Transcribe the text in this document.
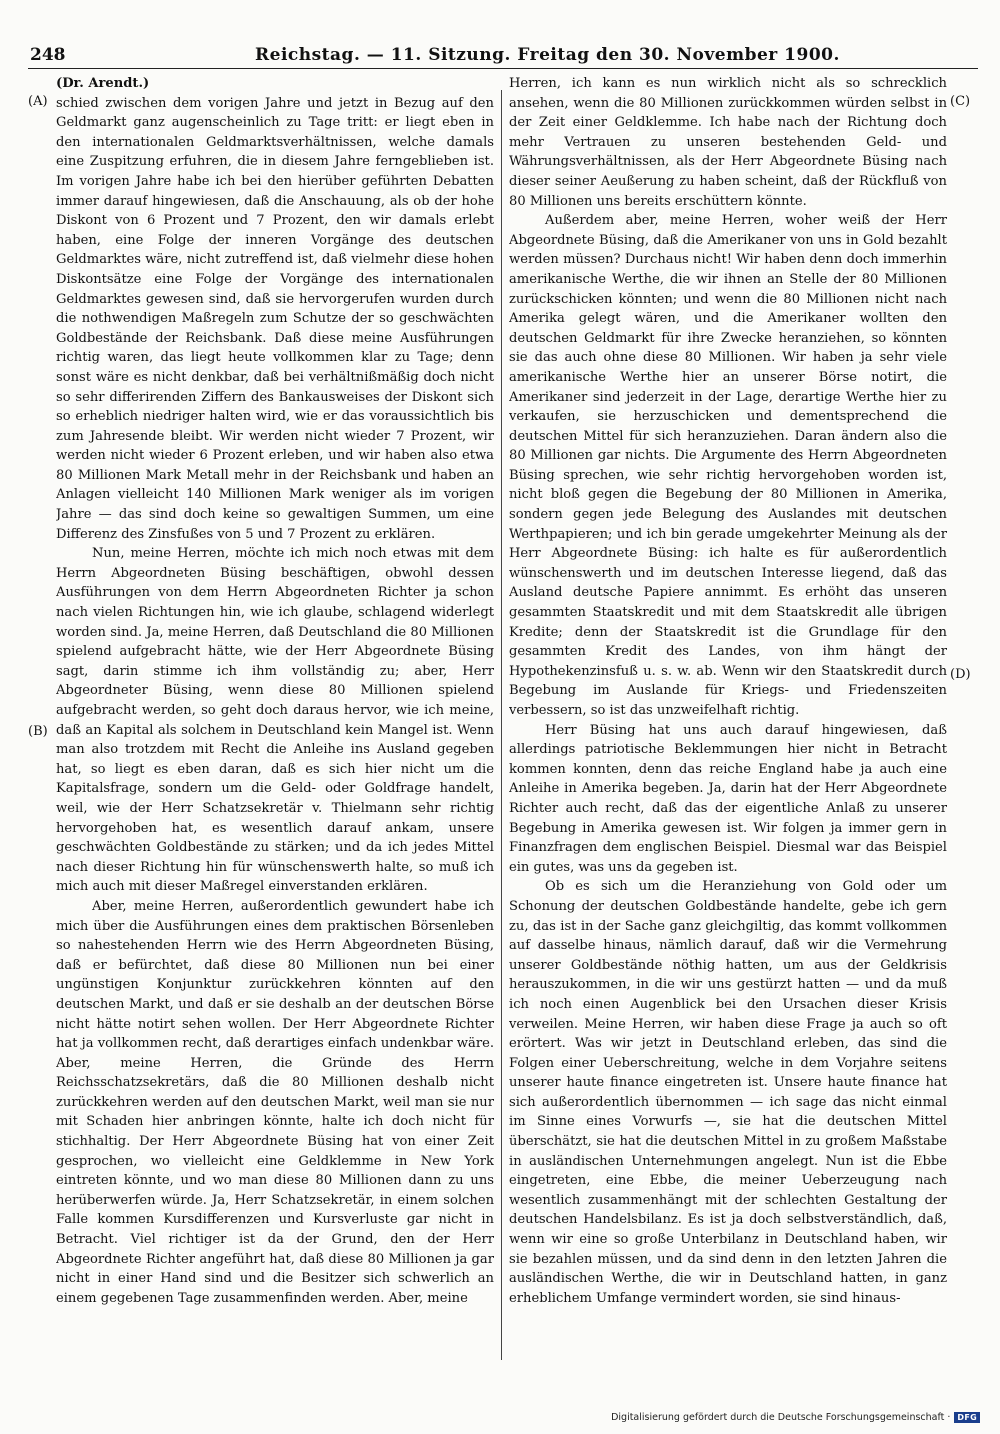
248	Reichstag. — 11. Sitzung. Freitag den 30. November 1900.
(A)
(B)
(C)
(D)

(Dr. Arendt.)

schied zwischen dem vorigen Jahre und jetzt in Bezug auf den Geldmarkt ganz augenscheinlich zu Tage tritt: er liegt eben in den internationalen Geldmarktsverhältnissen, welche damals eine Zuspitzung erfuhren, die in diesem Jahre ferngeblieben ist. Im vorigen Jahre habe ich bei den hierüber geführten Debatten immer darauf hingewiesen, daß die Anschauung, als ob der hohe Diskont von 6 Prozent und 7 Prozent, den wir damals erlebt haben, eine Folge der inneren Vorgänge des deutschen Geldmarktes wäre, nicht zutreffend ist, daß vielmehr diese hohen Diskontsätze eine Folge der Vorgänge des internationalen Geldmarktes gewesen sind, daß sie hervorgerufen wurden durch die nothwendigen Maßregeln zum Schutze der so geschwächten Goldbestände der Reichsbank. Daß diese meine Ausführungen richtig waren, das liegt heute vollkommen klar zu Tage; denn sonst wäre es nicht denkbar, daß bei verhältnißmäßig doch nicht so sehr differirenden Ziffern des Bankausweises der Diskont sich so erheblich niedriger halten wird, wie er das voraussichtlich bis zum Jahresende bleibt. Wir werden nicht wieder 7 Prozent, wir werden nicht wieder 6 Prozent erleben, und wir haben also etwa 80 Millionen Mark Metall mehr in der Reichsbank und haben an Anlagen vielleicht 140 Millionen Mark weniger als im vorigen Jahre — das sind doch keine so gewaltigen Summen, um eine Differenz des Zinsfußes von 5 und 7 Prozent zu erklären.

Nun, meine Herren, möchte ich mich noch etwas mit dem Herrn Abgeordneten Büsing beschäftigen, obwohl dessen Ausführungen von dem Herrn Abgeordneten Richter ja schon nach vielen Richtungen hin, wie ich glaube, schlagend widerlegt worden sind. Ja, meine Herren, daß Deutschland die 80 Millionen spielend aufgebracht hätte, wie der Herr Abgeordnete Büsing sagt, darin stimme ich ihm vollständig zu; aber, Herr Abgeordneter Büsing, wenn diese 80 Millionen spielend aufgebracht werden, so geht doch daraus hervor, wie ich meine, daß an Kapital als solchem in Deutschland kein Mangel ist. Wenn man also trotzdem mit Recht die Anleihe ins Ausland gegeben hat, so liegt es eben daran, daß es sich hier nicht um die Kapitalsfrage, sondern um die Geld- oder Goldfrage handelt, weil, wie der Herr Schatzsekretär v. Thielmann sehr richtig hervorgehoben hat, es wesentlich darauf ankam, unsere geschwächten Goldbestände zu stärken; und da ich jedes Mittel nach dieser Richtung hin für wünschenswerth halte, so muß ich mich auch mit dieser Maßregel einverstanden erklären.

Aber, meine Herren, außerordentlich gewundert habe ich mich über die Ausführungen eines dem praktischen Börsenleben so nahestehenden Herrn wie des Herrn Abgeordneten Büsing, daß er befürchtet, daß diese 80 Millionen nun bei einer ungünstigen Konjunktur zurückkehren könnten auf den deutschen Markt, und daß er sie deshalb an der deutschen Börse nicht hätte notirt sehen wollen. Der Herr Abgeordnete Richter hat ja vollkommen recht, daß derartiges einfach undenkbar wäre. Aber, meine Herren, die Gründe des Herrn Reichsschatzsekretärs, daß die 80 Millionen deshalb nicht zurückkehren werden auf den deutschen Markt, weil man sie nur mit Schaden hier anbringen könnte, halte ich doch nicht für stichhaltig. Der Herr Abgeordnete Büsing hat von einer Zeit gesprochen, wo vielleicht eine Geldklemme in New York eintreten könnte, und wo man diese 80 Millionen dann zu uns herüberwerfen würde. Ja, Herr Schatzsekretär, in einem solchen Falle kommen Kursdifferenzen und Kursverluste gar nicht in Betracht. Viel richtiger ist da der Grund, den der Herr Abgeordnete Richter angeführt hat, daß diese 80 Millionen ja gar nicht in einer Hand sind und die Besitzer sich schwerlich an einem gegebenen Tage zusammenfinden werden. Aber, meine

Herren, ich kann es nun wirklich nicht als so schrecklich ansehen, wenn die 80 Millionen zurückkommen würden selbst in der Zeit einer Geldklemme. Ich habe nach der Richtung doch mehr Vertrauen zu unseren bestehenden Geld- und Währungsverhältnissen, als der Herr Abgeordnete Büsing nach dieser seiner Aeußerung zu haben scheint, daß der Rückfluß von 80 Millionen uns bereits erschüttern könnte.

Außerdem aber, meine Herren, woher weiß der Herr Abgeordnete Büsing, daß die Amerikaner von uns in Gold bezahlt werden müssen? Durchaus nicht! Wir haben denn doch immerhin amerikanische Werthe, die wir ihnen an Stelle der 80 Millionen zurückschicken könnten; und wenn die 80 Millionen nicht nach Amerika gelegt wären, und die Amerikaner wollten den deutschen Geldmarkt für ihre Zwecke heranziehen, so könnten sie das auch ohne diese 80 Millionen. Wir haben ja sehr viele amerikanische Werthe hier an unserer Börse notirt, die Amerikaner sind jederzeit in der Lage, derartige Werthe hier zu verkaufen, sie herzuschicken und dementsprechend die deutschen Mittel für sich heranzuziehen. Daran ändern also die 80 Millionen gar nichts. Die Argumente des Herrn Abgeordneten Büsing sprechen, wie sehr richtig hervorgehoben worden ist, nicht bloß gegen die Begebung der 80 Millionen in Amerika, sondern gegen jede Belegung des Auslandes mit deutschen Werthpapieren; und ich bin gerade umgekehrter Meinung als der Herr Abgeordnete Büsing: ich halte es für außerordentlich wünschenswerth und im deutschen Interesse liegend, daß das Ausland deutsche Papiere annimmt. Es erhöht das unseren gesammten Staatskredit und mit dem Staatskredit alle übrigen Kredite; denn der Staatskredit ist die Grundlage für den gesammten Kredit des Landes, von ihm hängt der Hypothekenzinsfuß u. s. w. ab. Wenn wir den Staatskredit durch Begebung im Auslande für Kriegs- und Friedenszeiten verbessern, so ist das unzweifelhaft richtig.

Herr Büsing hat uns auch darauf hingewiesen, daß allerdings patriotische Beklemmungen hier nicht in Betracht kommen konnten, denn das reiche England habe ja auch eine Anleihe in Amerika begeben. Ja, darin hat der Herr Abgeordnete Richter auch recht, daß das der eigentliche Anlaß zu unserer Begebung in Amerika gewesen ist. Wir folgen ja immer gern in Finanzfragen dem englischen Beispiel. Diesmal war das Beispiel ein gutes, was uns da gegeben ist.

Ob es sich um die Heranziehung von Gold oder um Schonung der deutschen Goldbestände handelte, gebe ich gern zu, das ist in der Sache ganz gleichgiltig, das kommt vollkommen auf dasselbe hinaus, nämlich darauf, daß wir die Vermehrung unserer Goldbestände nöthig hatten, um aus der Geldkrisis herauszukommen, in die wir uns gestürzt hatten — und da muß ich noch einen Augenblick bei den Ursachen dieser Krisis verweilen. Meine Herren, wir haben diese Frage ja auch so oft erörtert. Was wir jetzt in Deutschland erleben, das sind die Folgen einer Ueberschreitung, welche in dem Vorjahre seitens unserer haute finance eingetreten ist. Unsere haute finance hat sich außerordentlich übernommen — ich sage das nicht einmal im Sinne eines Vorwurfs —, sie hat die deutschen Mittel überschätzt, sie hat die deutschen Mittel in zu großem Maßstabe in ausländischen Unternehmungen angelegt. Nun ist die Ebbe eingetreten, eine Ebbe, die meiner Ueberzeugung nach wesentlich zusammenhängt mit der schlechten Gestaltung der deutschen Handelsbilanz. Es ist ja doch selbstverständlich, daß, wenn wir eine so große Unterbilanz in Deutschland haben, wir sie bezahlen müssen, und da sind denn in den letzten Jahren die ausländischen Werthe, die wir in Deutschland hatten, in ganz erheblichem Umfange vermindert worden, sie sind hinaus-

Digitalisierung gefördert durch die Deutsche Forschungsgemeinschaft · DFG
